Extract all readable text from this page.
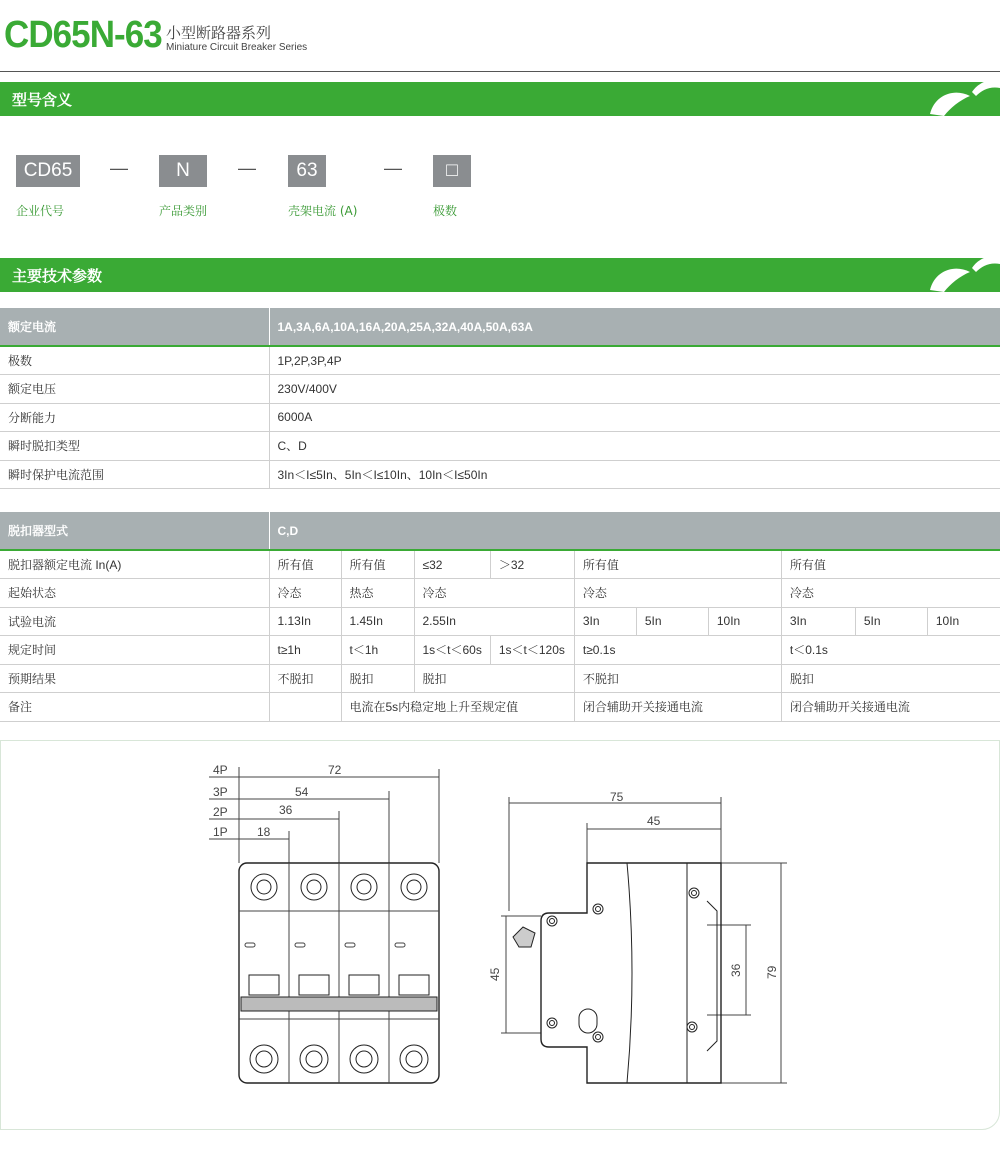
CD65N-63 小型断路器系列
Miniature Circuit Breaker Series
型号含义
CD65	—	N	—	63	—	□
企业代号	产品类别	壳架电流 (A)	极数
主要技术参数
额定电流	1A,3A,6A,10A,16A,20A,25A,32A,40A,50A,63A
极数	1P,2P,3P,4P
额定电压	230V/400V
分断能力	6000A
瞬时脱扣类型	C、D
瞬时保护电流范围	3In＜I≤5In、5In＜I≤10In、10In＜I≤50In
脱扣器型式	C,D									
脱扣器额定电流 In(A)	所有值	所有值	≤32	＞32	所有值			所有值		
起始状态	冷态	热态	冷态		冷态			冷态		
试验电流	1.13In	1.45In	2.55In		3In	5In	10In	3In	5In	10In
规定时间	t≥1h	t＜1h	1s＜t＜60s	1s＜t＜120s	t≥0.1s			t＜0.1s		
预期结果	不脱扣	脱扣	脱扣		不脱扣			脱扣		
备注		电流在5s内稳定地上升至规定值			闭合辅助开关接通电流			闭合辅助开关接通电流		
4P
3P
2P
1P
72
54
36
18
75
45
45	36 79
